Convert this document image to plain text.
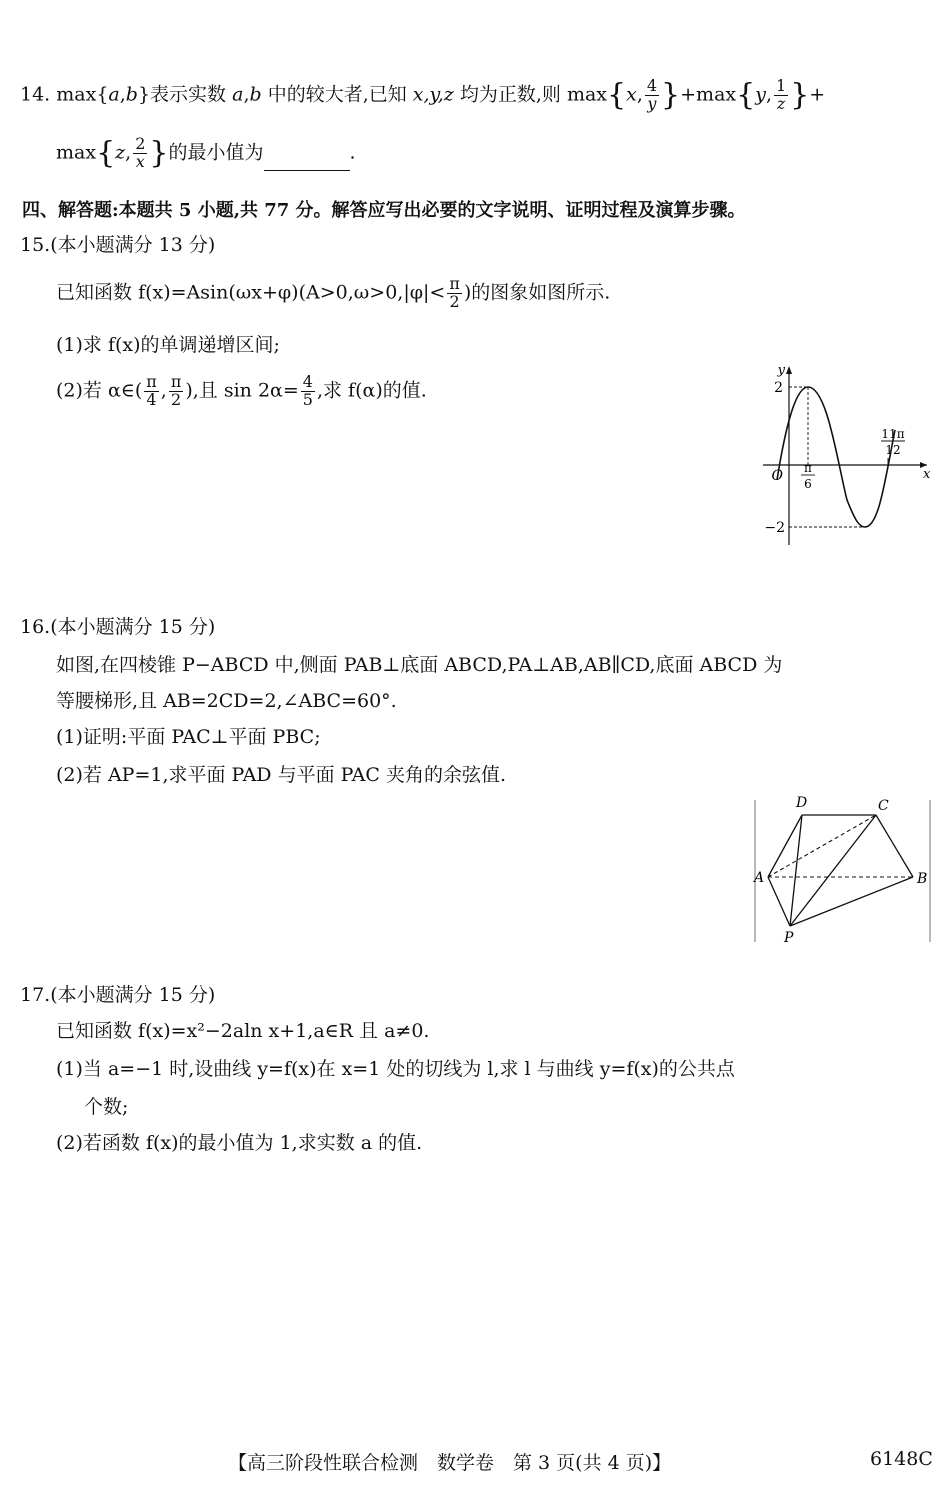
14. max{a,b}表示实数 a,b 中的较大者,已知 x,y,z 均为正数,则 max{x, $\frac{4}{y} \}+\max\{y$, $\frac{1}{z}$ }+
max{z, $\frac{2}{x}$ }的最小值为	.
四、解答题:本题共 5 小题,共 77 分。解答应写出必要的文字说明、证明过程及演算步骤。
15.(本小题满分 13 分)
已知函数 $f(x)=Asin(\omega x+\varphi)(A>0,\omega>0,|\varphi|< \frac{\pi}{2}$ )的图象如图所示.
(1)求 f(x)的单调递增区间;
(2)若 α∈( $\frac{\pi}{4}$ , $\frac{\pi}{2}$ ),且 $\sin 2\alpha= \frac{4}{5}$ ,求 f(α)的值.
y
x
2
−2
O π
6
11π
12
16.(本小题满分 15 分)
如图,在四棱锥 P−ABCD 中,侧面 PAB⊥底面 ABCD,PA⊥AB,AB∥CD,底面 ABCD 为
等腰梯形,且 AB=2CD=2,∠ABC=60°.
(1)证明:平面 PAC⊥平面 PBC;
(2)若 AP=1,求平面 PAD 与平面 PAC 夹角的余弦值.
D	C
A	B
P
17.(本小题满分 15 分)
已知函数 f(x)=x²−2aln x+1,a∈R 且 a≠0.
(1)当 a=−1 时,设曲线 y=f(x)在 x=1 处的切线为 l,求 l 与曲线 y=f(x)的公共点
个数;
(2)若函数 f(x)的最小值为 1,求实数 a 的值.
【高三阶段性联合检测　数学卷　第 3 页(共 4 页)】	6148C
